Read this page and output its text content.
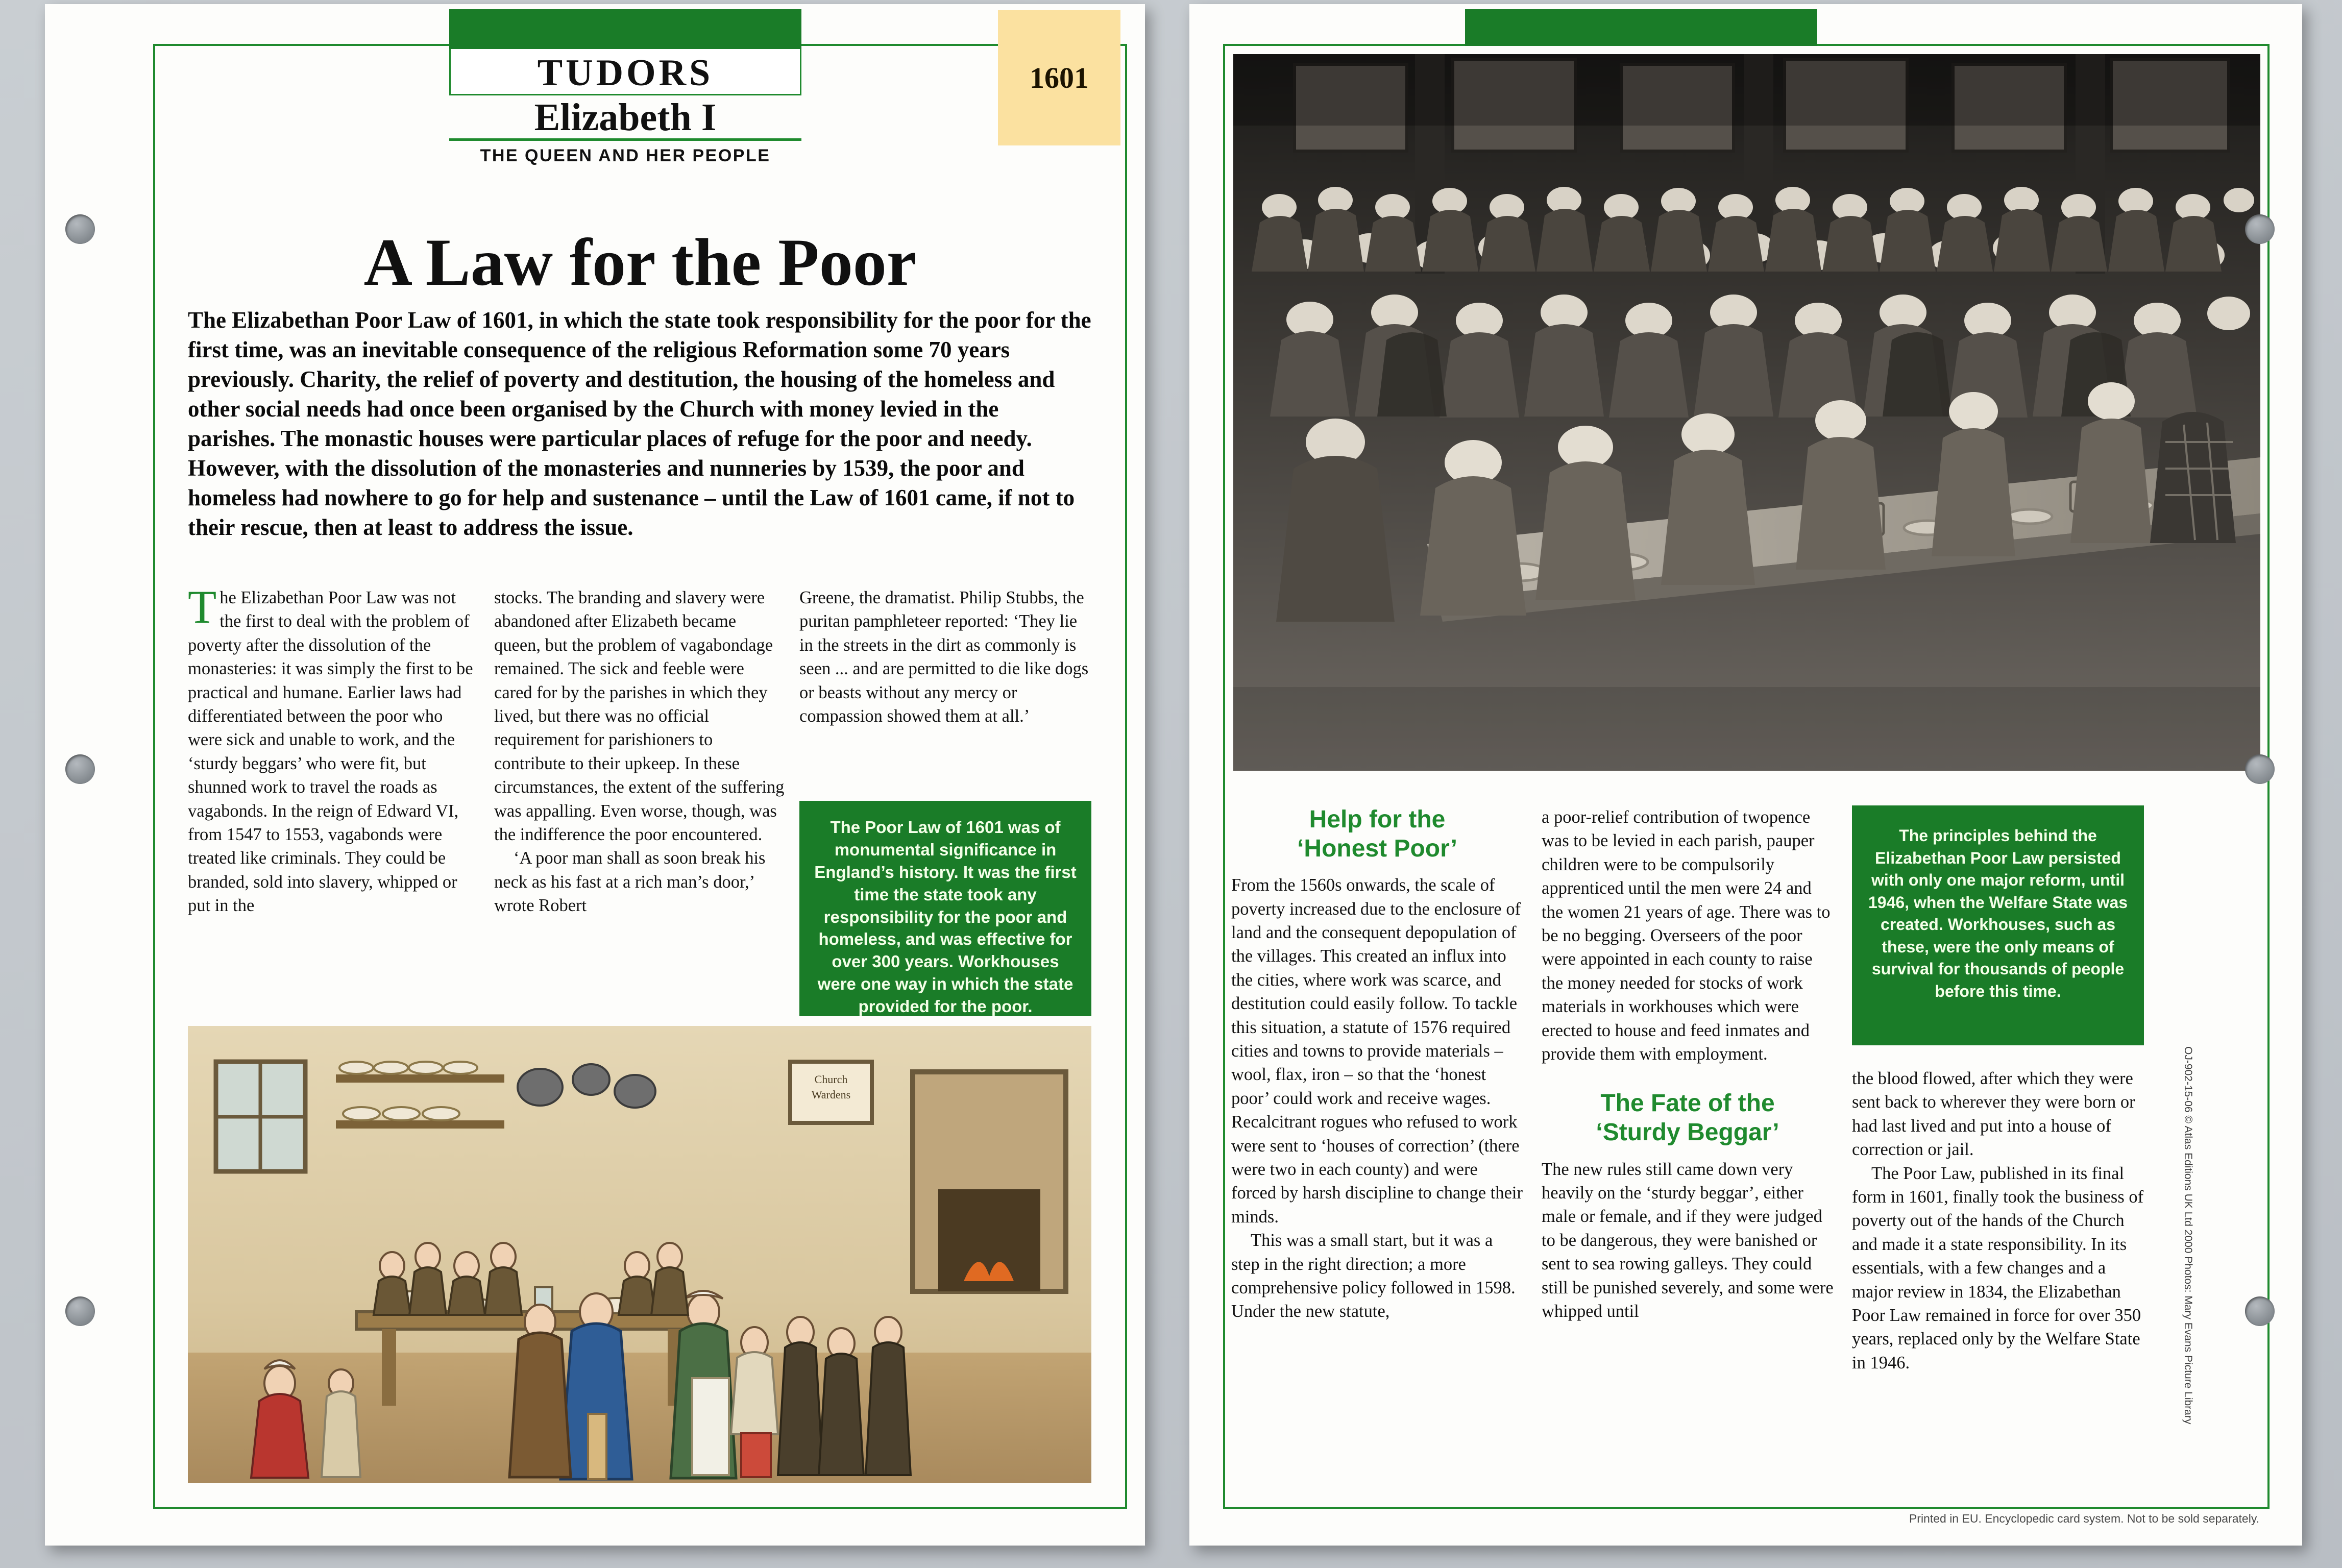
TUDORS
Elizabeth I
THE QUEEN AND HER PEOPLE
1601
A Law for the Poor
The Elizabethan Poor Law of 1601, in which the state took responsibility for the poor for the first time, was an inevitable consequence of the religious Reformation some 70 years previously. Charity, the relief of poverty and destitution, the housing of the homeless and other social needs had once been organised by the Church with money levied in the parishes. The monastic houses were particular places of refuge for the poor and needy. However, with the dissolution of the monasteries and nunneries by 1539, the poor and homeless had nowhere to go for help and sustenance – until the Law of 1601 came, if not to their rescue, then at least to address the issue.

The Elizabethan Poor Law was not the first to deal with the problem of poverty after the dissolution of the monasteries: it was simply the first to be practical and humane. Earlier laws had differentiated between the poor who were sick and unable to work, and the ‘sturdy beggars’ who were fit, but shunned work to travel the roads as vagabonds. In the reign of Edward VI, from 1547 to 1553, vagabonds were treated like criminals. They could be branded, sold into slavery, whipped or put in the

stocks. The branding and slavery were abandoned after Elizabeth became queen, but the problem of vagabondage remained. The sick and feeble were cared for by the parishes in which they lived, but there was no official requirement for parishioners to contribute to their upkeep. In these circumstances, the extent of the suffering was appalling. Even worse, though, was the indifference the poor encountered.

‘A poor man shall as soon break his neck as his fast at a rich man’s door,’ wrote Robert

Greene, the dramatist. Philip Stubbs, the puritan pamphleteer reported: ‘They lie in the streets in the dirt as commonly is seen ... and are permitted to die like dogs or beasts without any mercy or compassion showed them at all.’

The Poor Law of 1601 was of monumental significance in England’s history. It was the first time the state took any responsibility for the poor and homeless, and was effective for over 300 years. Workhouses were one way in which the state provided for the poor.
Church
Wardens
Help for the
‘Honest Poor’

From the 1560s onwards, the scale of poverty increased due to the enclosure of land and the consequent depopulation of the villages. This created an influx into the cities, where work was scarce, and destitution could easily follow. To tackle this situation, a statute of 1576 required cities and towns to provide materials – wool, flax, iron – so that the ‘honest poor’ could work and receive wages. Recalcitrant rogues who refused to work were sent to ‘houses of correction’ (there were two in each county) and were forced by harsh discipline to change their minds.

This was a small start, but it was a step in the right direction; a more comprehensive policy followed in 1598. Under the new statute,

a poor-relief contribution of twopence was to be levied in each parish, pauper children were to be compulsorily apprenticed until the men were 24 and the women 21 years of age. There was to be no begging. Overseers of the poor were appointed in each county to raise the money needed for stocks of work materials in workhouses which were erected to house and feed inmates and provide them with employment.

The Fate of the
‘Sturdy Beggar’

The new rules still came down very heavily on the ‘sturdy beggar’, either male or female, and if they were judged to be dangerous, they were banished or sent to sea rowing galleys. They could still be punished severely, and some were whipped until

The principles behind the Elizabethan Poor Law persisted with only one major reform, until 1946, when the Welfare State was created. Workhouses, such as these, were the only means of survival for thousands of people before this time.

the blood flowed, after which they were sent back to wherever they were born or had last lived and put into a house of correction or jail.

The Poor Law, published in its final form in 1601, finally took the business of poverty out of the hands of the Church and made it a state responsibility. In its essentials, with a few changes and a major review in 1834, the Elizabethan Poor Law remained in force for over 350 years, replaced only by the Welfare State in 1946.	OJ-902-15-06 © Atlas Editions UK Ltd 2000 Photos: Mary Evans Picture Library
Printed in EU. Encyclopedic card system. Not to be sold separately.
